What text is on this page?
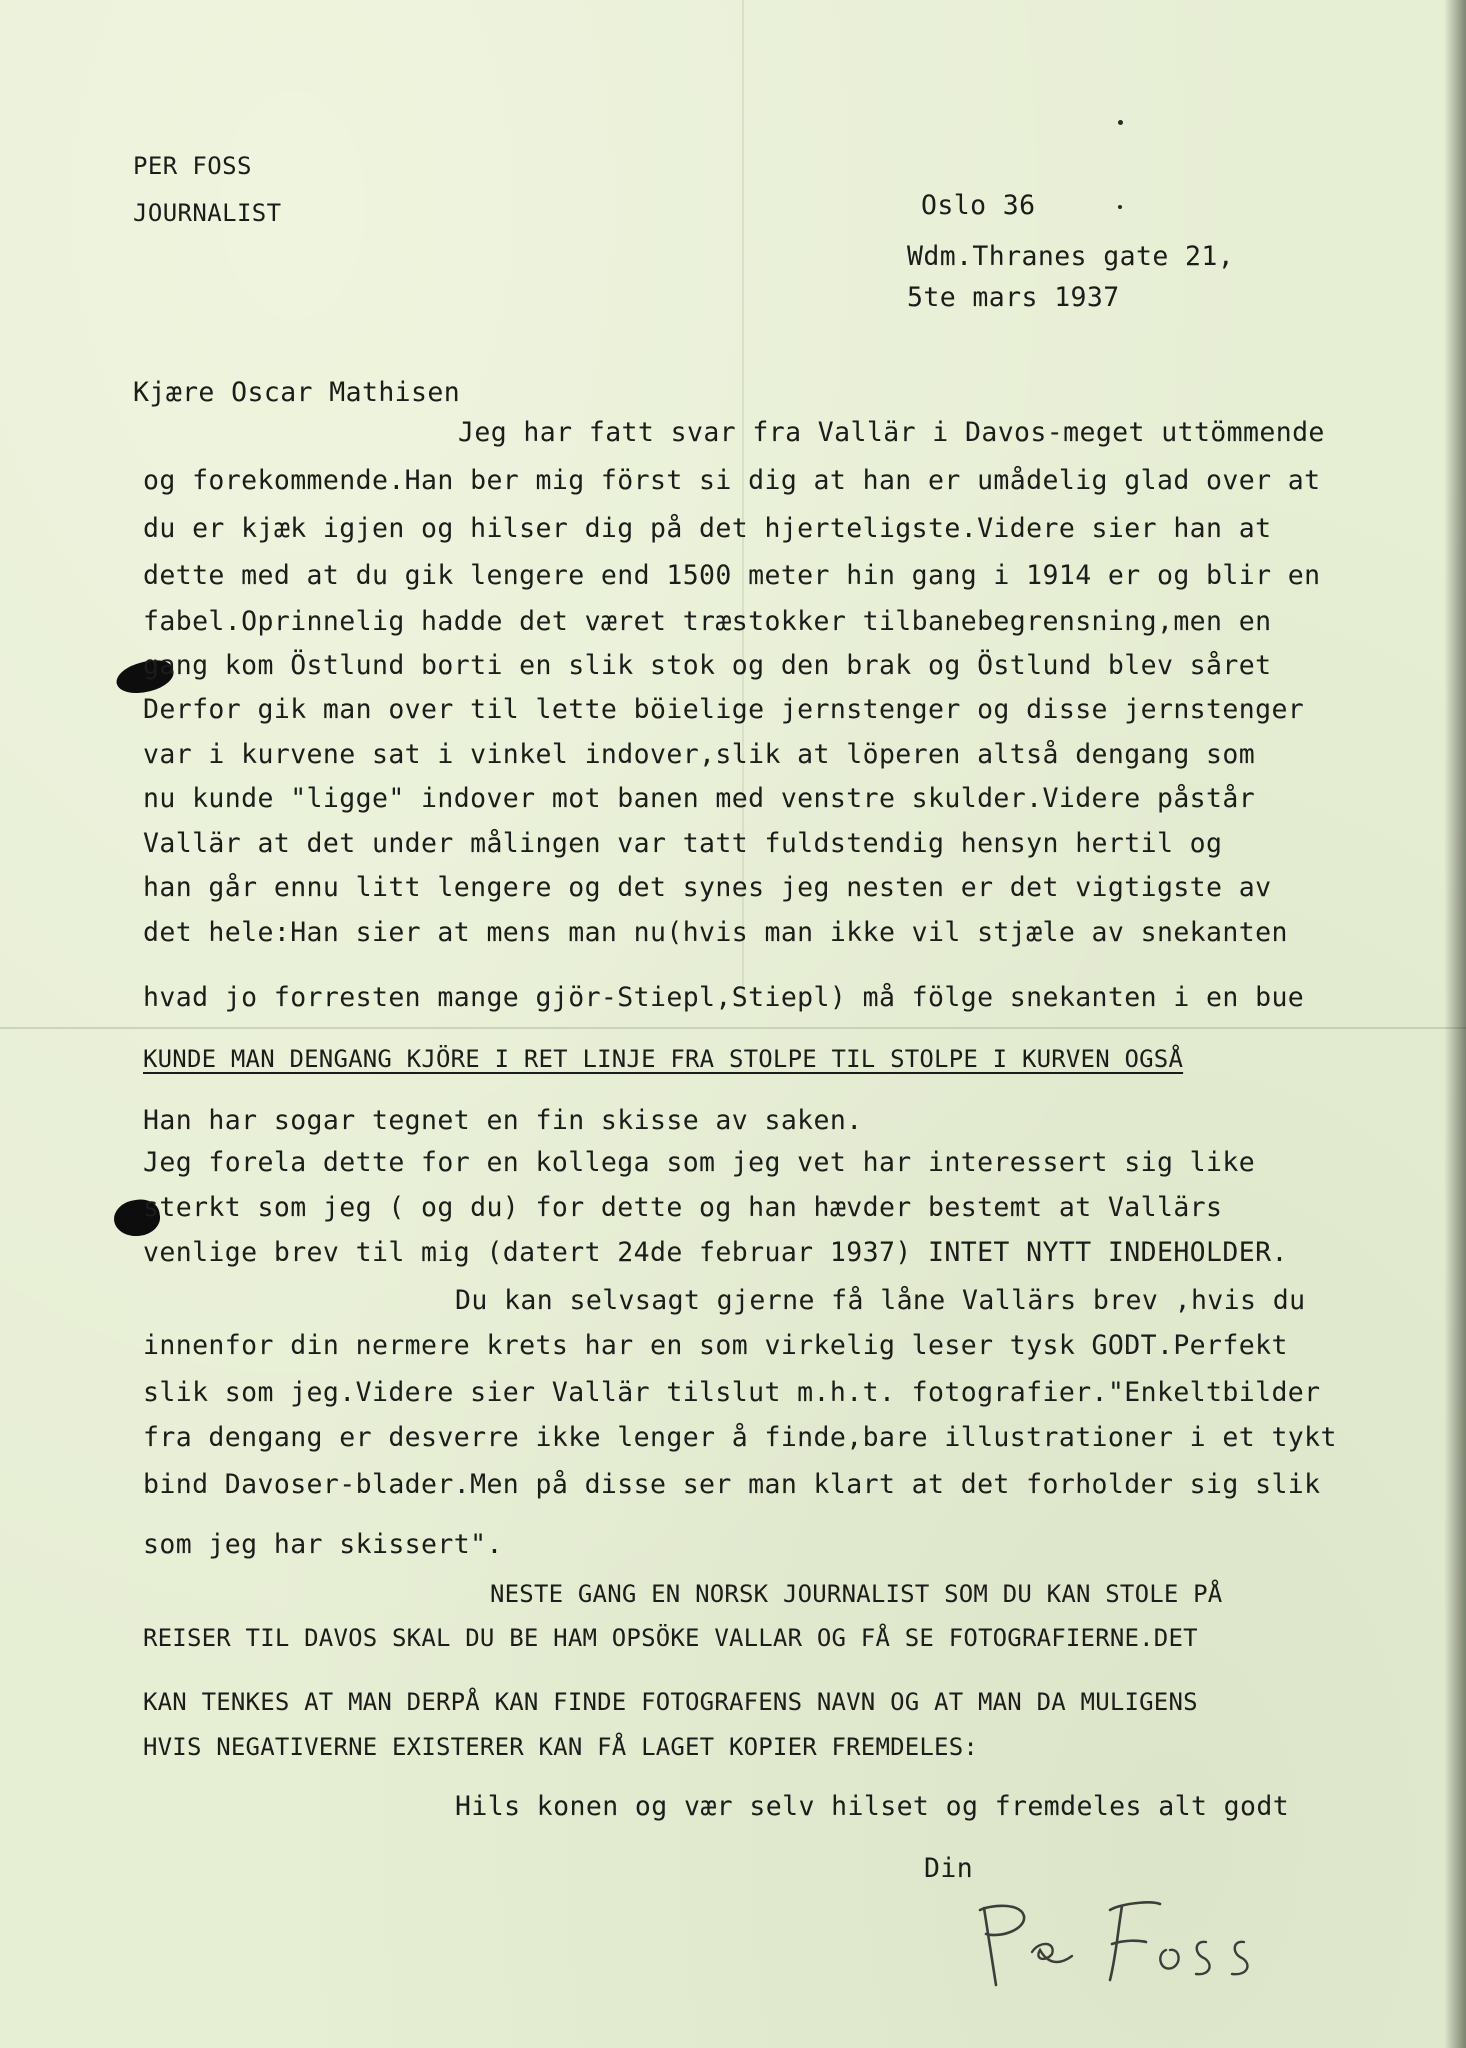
PER FOSS
JOURNALIST	Oslo 36
Wdm.Thranes gate 21,
5te mars 1937
Kjære Oscar Mathisen
Jeg har fatt svar fra Vallär i Davos-meget uttömmende
og forekommende.Han ber mig först si dig at han er umådelig glad over at
du er kjæk igjen og hilser dig på det hjerteligste.Videre sier han at
dette med at du gik lengere end 1500 meter hin gang i 1914 er og blir en
fabel.Oprinnelig hadde det været træstokker tilbanebegrensning,men en
gang kom Östlund borti en slik stok og den brak og Östlund blev såret
Derfor gik man over til lette böielige jernstenger og disse jernstenger
var i kurvene sat i vinkel indover,slik at löperen altså dengang som
nu kunde "ligge" indover mot banen med venstre skulder.Videre påstår
Vallär at det under målingen var tatt fuldstendig hensyn hertil og
han går ennu litt lengere og det synes jeg nesten er det vigtigste av
det hele:Han sier at mens man nu(hvis man ikke vil stjæle av snekanten
hvad jo forresten mange gjör-Stiepl,Stiepl) må fölge snekanten i en bue
KUNDE MAN DENGANG KJÖRE I RET LINJE FRA STOLPE TIL STOLPE I KURVEN OGSÅ
Han har sogar tegnet en fin skisse av saken.
Jeg forela dette for en kollega som jeg vet har interessert sig like
sterkt som jeg ( og du) for dette og han hævder bestemt at Vallärs
venlige brev til mig (datert 24de februar 1937) INTET NYTT INDEHOLDER.
Du kan selvsagt gjerne få låne Vallärs brev ,hvis du
innenfor din nermere krets har en som virkelig leser tysk GODT.Perfekt
slik som jeg.Videre sier Vallär tilslut m.h.t. fotografier."Enkeltbilder
fra dengang er desverre ikke lenger å finde,bare illustrationer i et tykt
bind Davoser-blader.Men på disse ser man klart at det forholder sig slik
som jeg har skissert".
NESTE GANG EN NORSK JOURNALIST SOM DU KAN STOLE PÅ
REISER TIL DAVOS SKAL DU BE HAM OPSÖKE VALLAR OG FÅ SE FOTOGRAFIERNE.DET
KAN TENKES AT MAN DERPÅ KAN FINDE FOTOGRAFENS NAVN OG AT MAN DA MULIGENS
HVIS NEGATIVERNE EXISTERER KAN FÅ LAGET KOPIER FREMDELES:
Hils konen og vær selv hilset og fremdeles alt godt
Din
